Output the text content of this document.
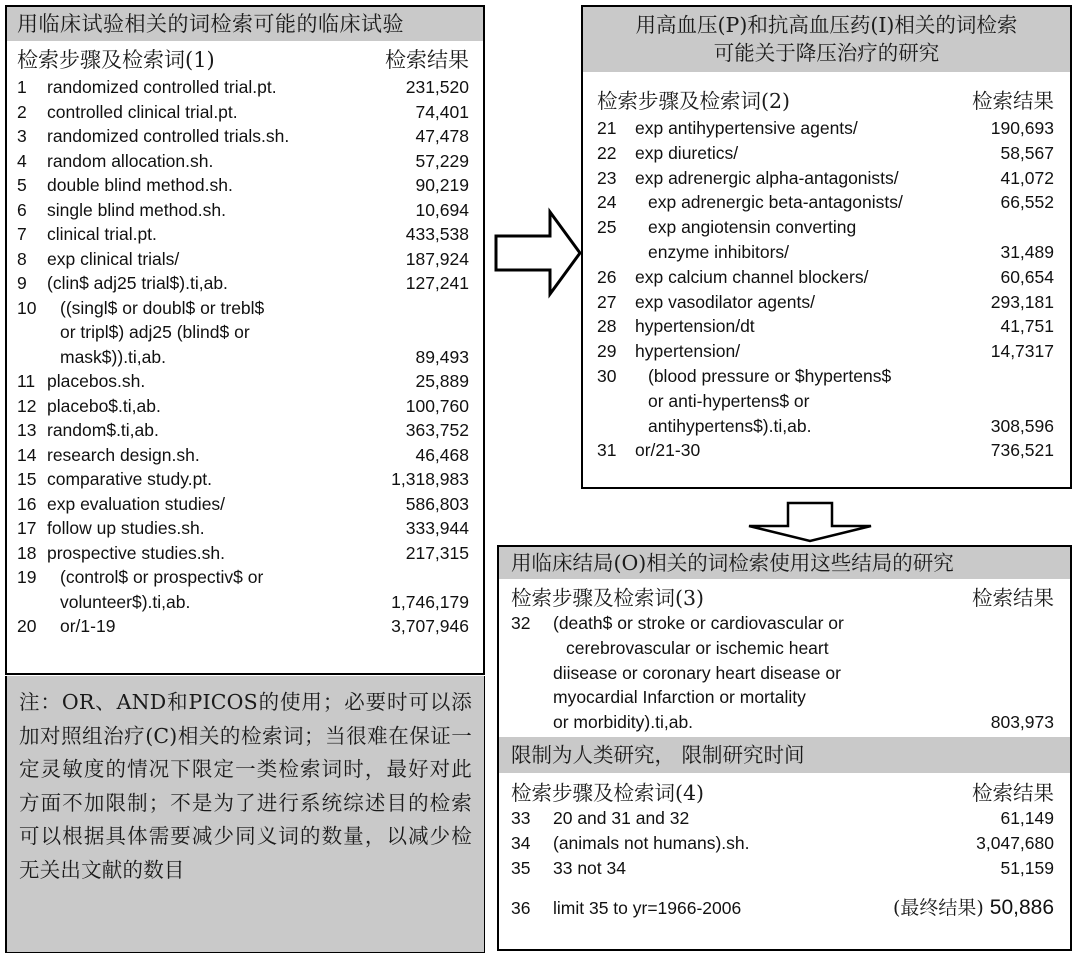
用临床试验相关的词检索可能的临床试验
检索步骤及检索词(1)	检索结果
1	randomized controlled trial.pt.	231,520
2	controlled clinical trial.pt.	74,401
3	randomized controlled trials.sh.	47,478
4	random allocation.sh.	57,229
5	double blind method.sh.	90,219
6	single blind method.sh.	10,694
7	clinical trial.pt.	433,538
8	exp clinical trials/	187,924
9	(clin$ adj25 trial$).ti,ab.	127,241
10	((singl$ or doubl$ or trebl$
or tripl$) adj25 (blind$ or
mask$)).ti,ab.	89,493
11 placebos.sh.	25,889
12 placebo$.ti,ab.	100,760
13 random$.ti,ab.	363,752
14 research design.sh.	46,468
15 comparative study.pt.	1,318,983
16 exp evaluation studies/	586,803
17 follow up studies.sh.	333,944
18 prospective studies.sh.	217,315
19	(control$ or prospectiv$ or
volunteer$).ti,ab.	1,746,179
20	or/1-19	3,707,946
注：OR、AND和PICOS的使用；必要时可以添加对照组治疗(C)相关的检索词；当很难在保证一定灵敏度的情况下限定一类检索词时，最好对此方面不加限制；不是为了进行系统综述目的检索可以根据具体需要减少同义词的数量，以减少检无关出文献的数目
用高血压(P)和抗高血压药(I)相关的词检索
可能关于降压治疗的研究
检索步骤及检索词(2)	检索结果
21	exp antihypertensive agents/	190,693
22	exp diuretics/	58,567
23	exp adrenergic alpha-antagonists/	41,072
24	exp adrenergic beta-antagonists/	66,552
25	exp angiotensin converting
enzyme inhibitors/	31,489
26	exp calcium channel blockers/	60,654
27	exp vasodilator agents/	293,181
28	hypertension/dt	41,751
29	hypertension/	14,7317
30	(blood pressure or $hypertens$
or anti-hypertens$ or
antihypertens$).ti,ab.	308,596
31	or/21-30	736,521
用临床结局(O)相关的词检索使用这些结局的研究
检索步骤及检索词(3)	检索结果
32	(death$ or stroke or cardiovascular or
cerebrovascular or ischemic heart
diisease or coronary heart disease or
myocardial Infarction or mortality
or morbidity).ti,ab.	803,973
限制为人类研究， 限制研究时间
检索步骤及检索词(4)	检索结果
33	20 and 31 and 32	61,149
34	(animals not humans).sh.	3,047,680
35	33 not 34	51,159
36	limit 35 to yr=1966-2006	(最终结果) 50,886
